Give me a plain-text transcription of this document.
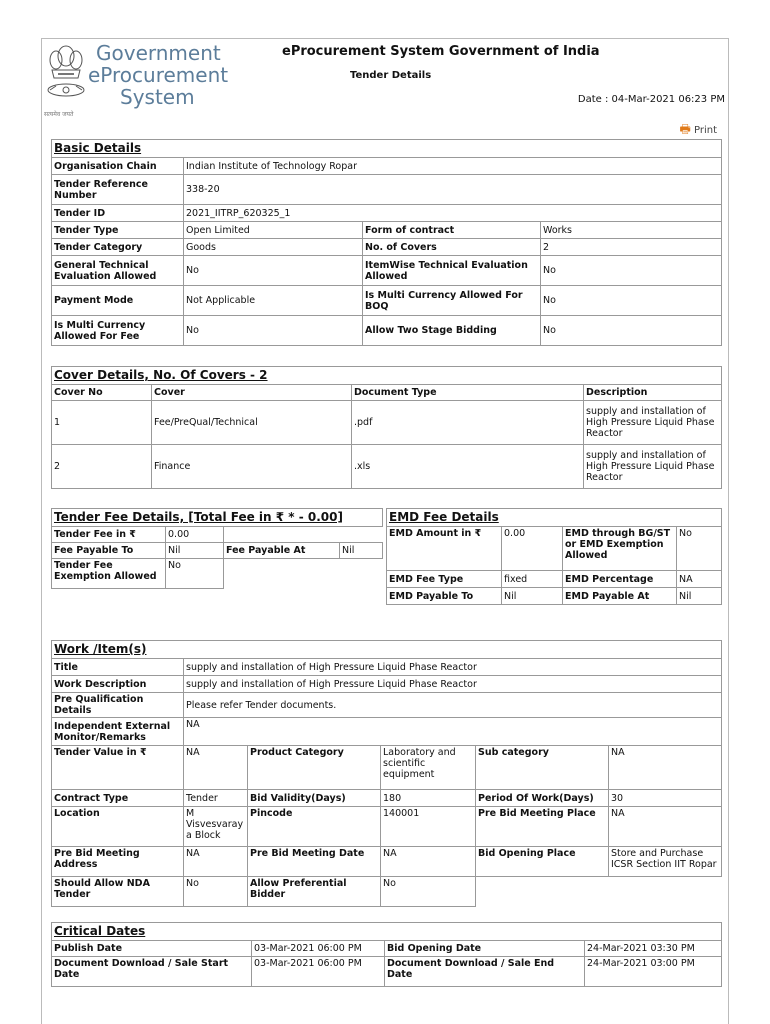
Government
eProcurement
System
सत्यमेव जयते
eProcurement System Government of India
Tender Details
Date : 04-Mar-2021 06:23 PM
🖶 Print
Basic Details			
Organisation Chain	Indian Institute of Technology Ropar		
Tender Reference Number	338-20		
Tender ID	2021_IITRP_620325_1		
Tender Type	Open Limited	Form of contract	Works
Tender Category	Goods	No. of Covers	2
General Technical Evaluation Allowed	No	ItemWise Technical Evaluation Allowed	No
Payment Mode	Not Applicable	Is Multi Currency Allowed For BOQ	No
Is Multi Currency Allowed For Fee	No	Allow Two Stage Bidding	No
Cover Details, No. Of Covers - 2			
Cover No	Cover	Document Type	Description
1	Fee/PreQual/Technical	.pdf	supply and installation of High Pressure Liquid Phase Reactor
2	Finance	.xls	supply and installation of High Pressure Liquid Phase Reactor
Tender Fee Details, [Total Fee in ₹ * - 0.00]			
Tender Fee in ₹	0.00		
Fee Payable To	Nil	Fee Payable At	Nil
Tender Fee Exemption Allowed	No		
EMD Fee Details			
EMD Amount in ₹	0.00	EMD through BG/ST or EMD Exemption Allowed	No
EMD Fee Type	fixed	EMD Percentage	NA
EMD Payable To	Nil	EMD Payable At	Nil
Work /Item(s)					
Title	supply and installation of High Pressure Liquid Phase Reactor				
Work Description	supply and installation of High Pressure Liquid Phase Reactor				
Pre Qualification Details	Please refer Tender documents.				
Independent External Monitor/Remarks	NA				
Tender Value in ₹	NA	Product Category	Laboratory and scientific equipment	Sub category	NA
Contract Type	Tender	Bid Validity(Days)	180	Period Of Work(Days)	30
Location	M Visvesvaraya Block	Pincode	140001	Pre Bid Meeting Place	NA
Pre Bid Meeting Address	NA	Pre Bid Meeting Date	NA	Bid Opening Place	Store and Purchase ICSR Section IIT Ropar
Should Allow NDA Tender	No	Allow Preferential Bidder	No		
Critical Dates			
Publish Date	03-Mar-2021 06:00 PM	Bid Opening Date	24-Mar-2021 03:30 PM
Document Download / Sale Start Date	03-Mar-2021 06:00 PM	Document Download / Sale End Date	24-Mar-2021 03:00 PM
